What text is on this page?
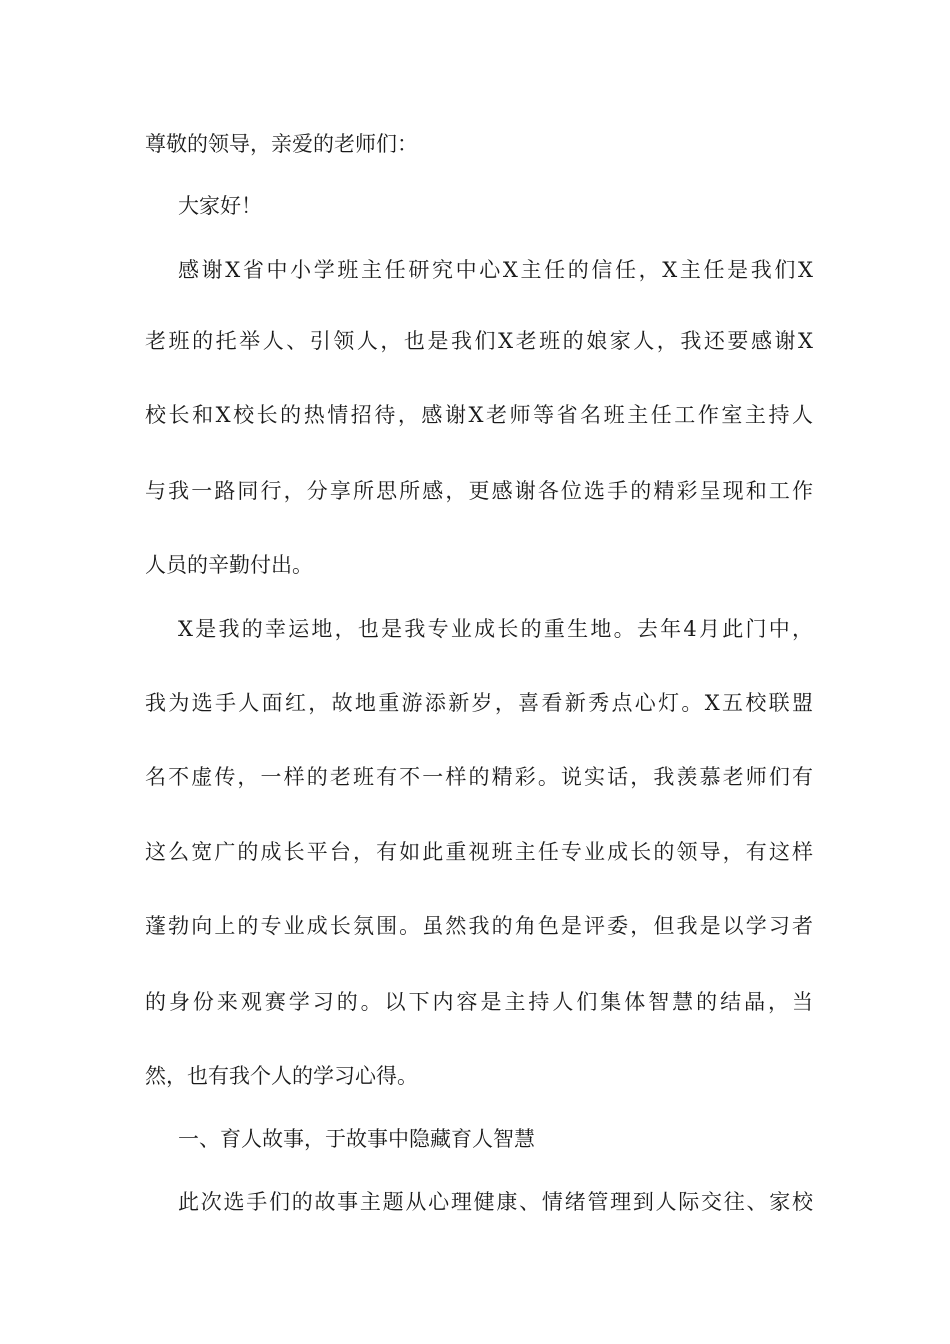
尊敬的领导，亲爱的老师们：
大家好！
感谢X省中小学班主任研究中心X主任的信任，X主任是我们X
老班的托举人、引领人，也是我们X老班的娘家人，我还要感谢X
校长和X校长的热情招待，感谢X老师等省名班主任工作室主持人
与我一路同行，分享所思所感，更感谢各位选手的精彩呈现和工作
人员的辛勤付出。
X是我的幸运地，也是我专业成长的重生地。去年4月此门中，
我为选手人面红，故地重游添新岁，喜看新秀点心灯。X五校联盟
名不虚传，一样的老班有不一样的精彩。说实话，我羡慕老师们有
这么宽广的成长平台，有如此重视班主任专业成长的领导，有这样
蓬勃向上的专业成长氛围。虽然我的角色是评委，但我是以学习者
的身份来观赛学习的。以下内容是主持人们集体智慧的结晶，当
然，也有我个人的学习心得。
一、育人故事，于故事中隐藏育人智慧
此次选手们的故事主题从心理健康、情绪管理到人际交往、家校
